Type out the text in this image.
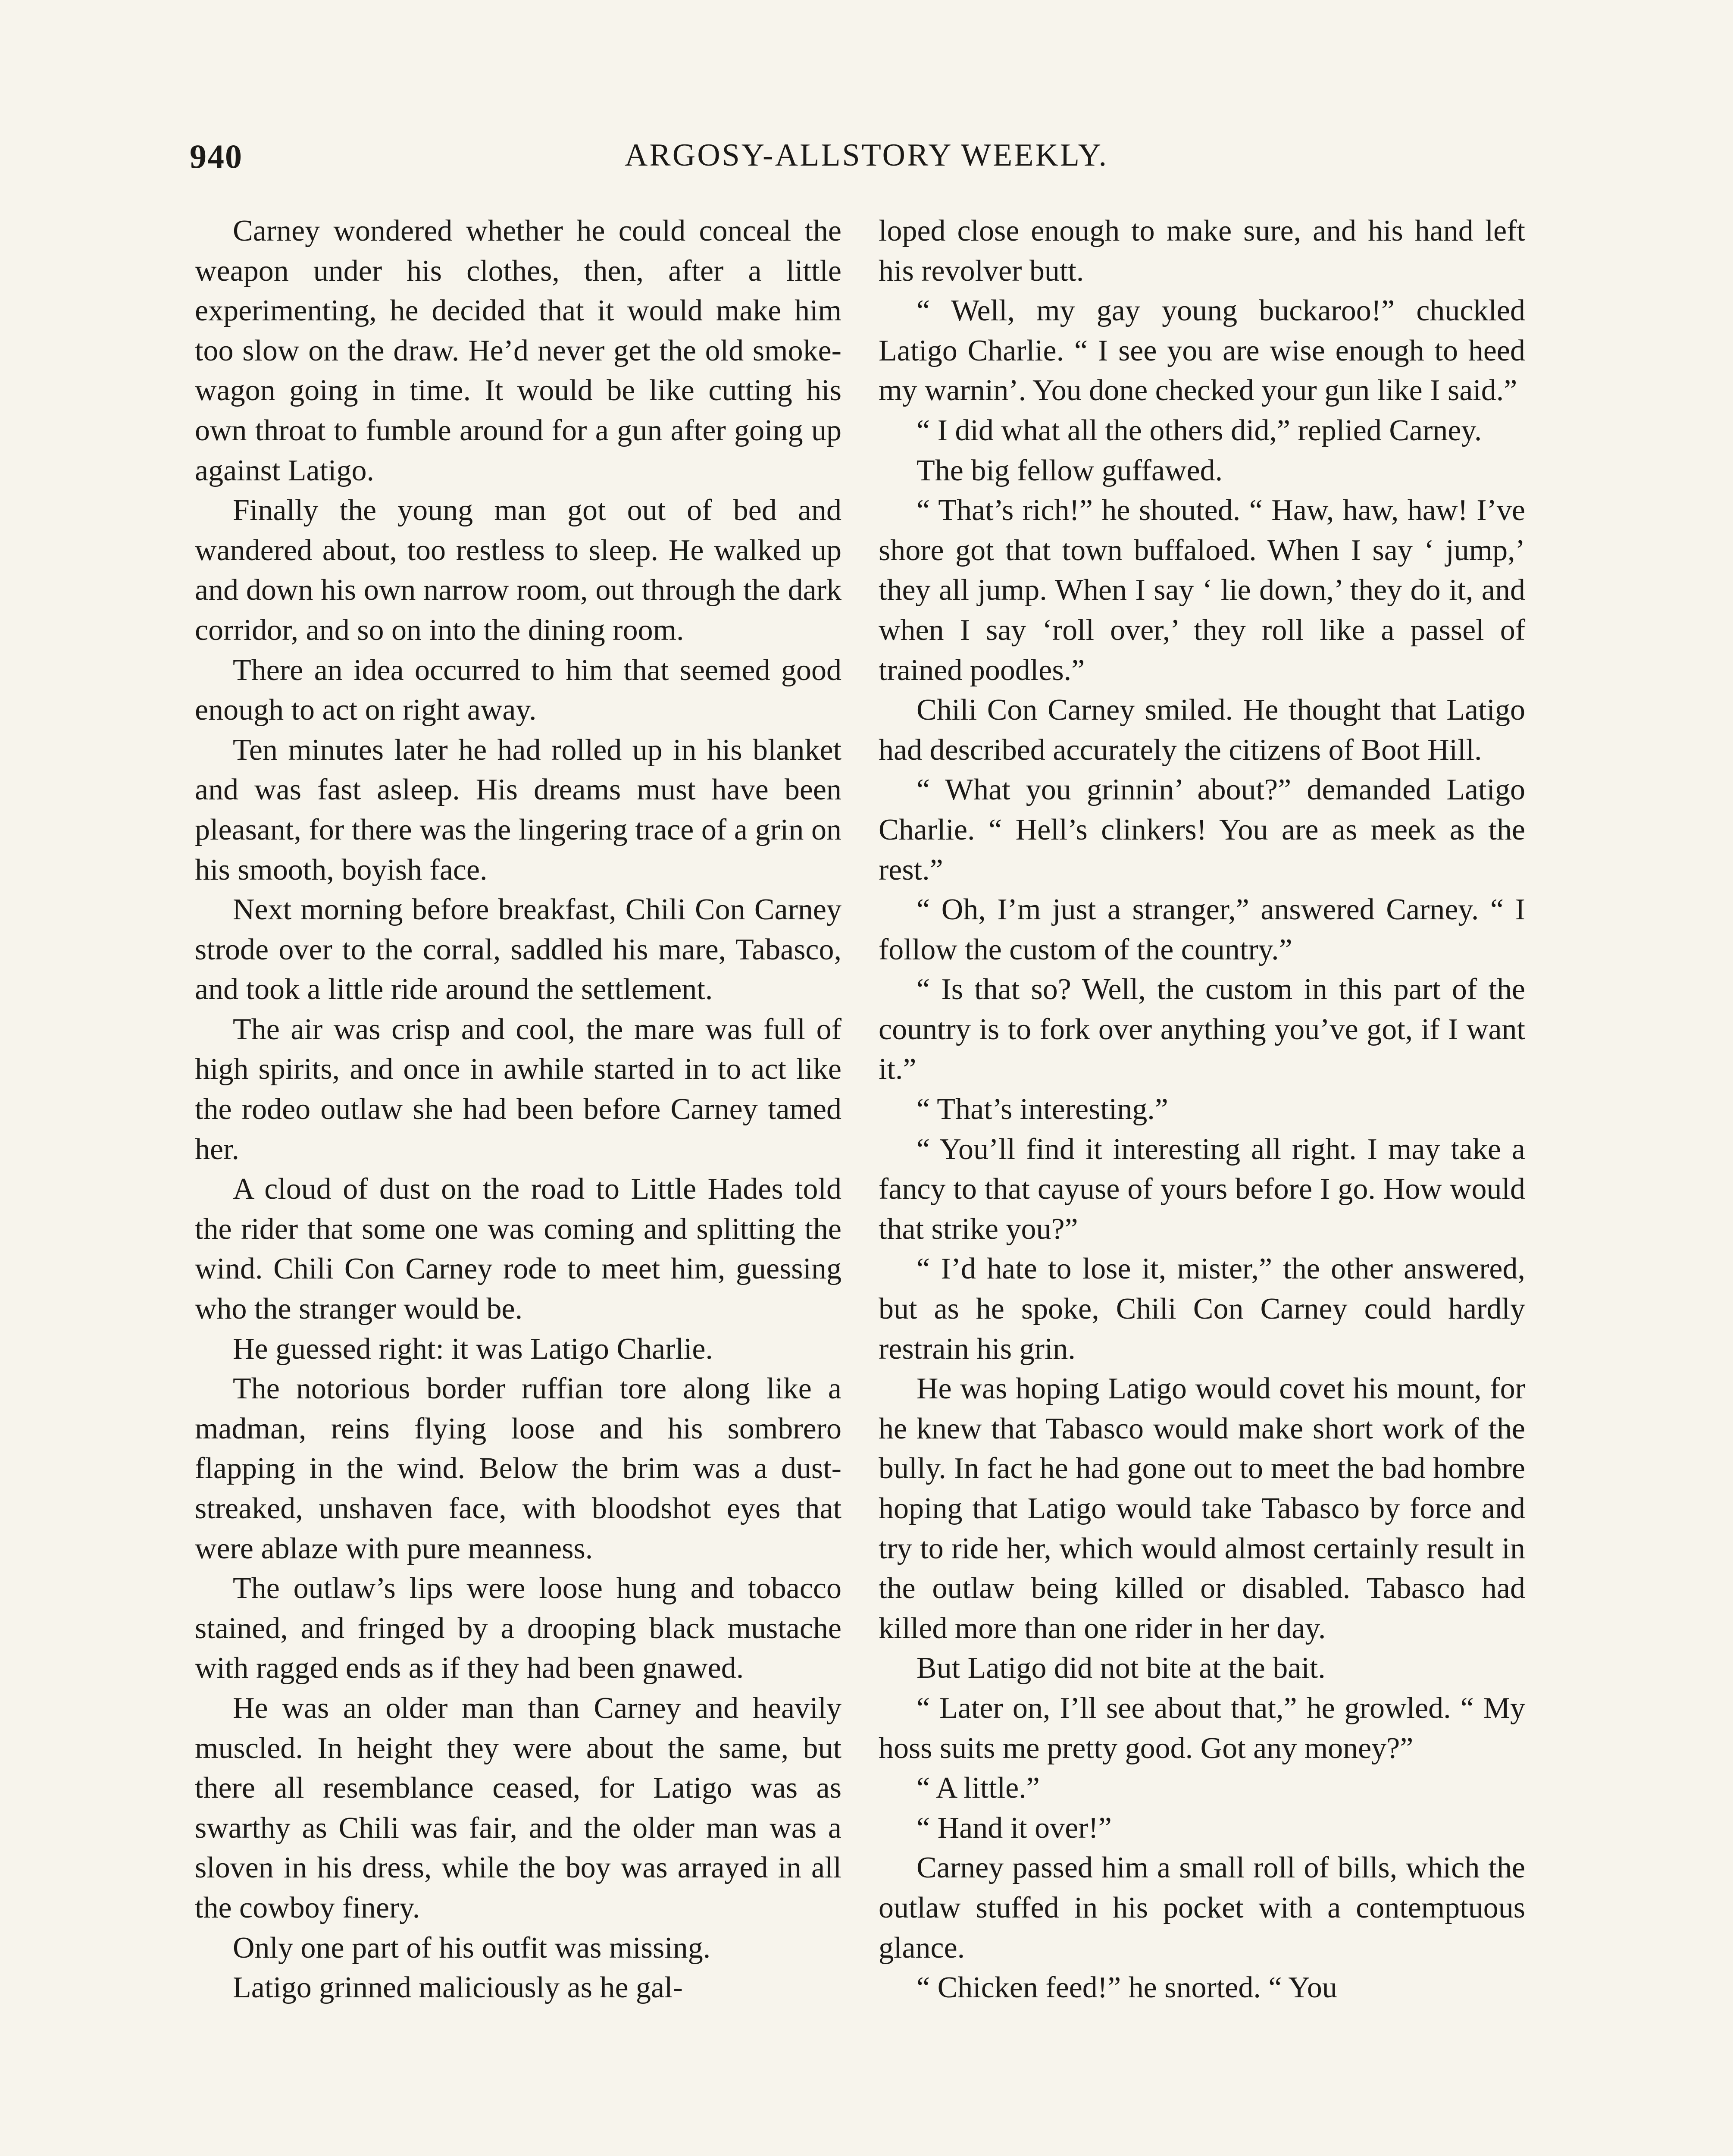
940	ARGOSY-ALLSTORY WEEKLY.

Carney wondered whether he could conceal the weapon under his clothes, then, after a little experimenting, he decided that it would make him too slow on the draw. He’d never get the old smoke-wagon going in time. It would be like cutting his own throat to fumble around for a gun after going up against Latigo.

Finally the young man got out of bed and wandered about, too restless to sleep. He walked up and down his own narrow room, out through the dark corridor, and so on into the dining room.

There an idea occurred to him that seemed good enough to act on right away.

Ten minutes later he had rolled up in his blanket and was fast asleep. His dreams must have been pleasant, for there was the lingering trace of a grin on his smooth, boyish face.

Next morning before breakfast, Chili Con Carney strode over to the corral, saddled his mare, Tabasco, and took a little ride around the settlement.

The air was crisp and cool, the mare was full of high spirits, and once in awhile started in to act like the rodeo outlaw she had been before Carney tamed her.

A cloud of dust on the road to Little Hades told the rider that some one was coming and splitting the wind. Chili Con Carney rode to meet him, guessing who the stranger would be.

He guessed right: it was Latigo Charlie.

The notorious border ruffian tore along like a madman, reins flying loose and his sombrero flapping in the wind. Below the brim was a dust-streaked, unshaven face, with bloodshot eyes that were ablaze with pure meanness.

The outlaw’s lips were loose hung and tobacco stained, and fringed by a drooping black mustache with ragged ends as if they had been gnawed.

He was an older man than Carney and heavily muscled. In height they were about the same, but there all resemblance ceased, for Latigo was as swarthy as Chili was fair, and the older man was a sloven in his dress, while the boy was arrayed in all the cowboy finery.

Only one part of his outfit was missing.

Latigo grinned maliciously as he gal-

loped close enough to make sure, and his hand left his revolver butt.

“ Well, my gay young buckaroo!” chuckled Latigo Charlie. “ I see you are wise enough to heed my warnin’. You done checked your gun like I said.”

“ I did what all the others did,” replied Carney.

The big fellow guffawed.

“ That’s rich!” he shouted. “ Haw, haw, haw! I’ve shore got that town buffaloed. When I say ‘ jump,’ they all jump. When I say ‘ lie down,’ they do it, and when I say ‘roll over,’ they roll like a passel of trained poodles.”

Chili Con Carney smiled. He thought that Latigo had described accurately the citizens of Boot Hill.

“ What you grinnin’ about?” demanded Latigo Charlie. “ Hell’s clinkers! You are as meek as the rest.”

“ Oh, I’m just a stranger,” answered Carney. “ I follow the custom of the country.”

“ Is that so? Well, the custom in this part of the country is to fork over anything you’ve got, if I want it.”

“ That’s interesting.”

“ You’ll find it interesting all right. I may take a fancy to that cayuse of yours before I go. How would that strike you?”

“ I’d hate to lose it, mister,” the other answered, but as he spoke, Chili Con Carney could hardly restrain his grin.

He was hoping Latigo would covet his mount, for he knew that Tabasco would make short work of the bully. In fact he had gone out to meet the bad hombre hoping that Latigo would take Tabasco by force and try to ride her, which would almost certainly result in the outlaw being killed or disabled. Tabasco had killed more than one rider in her day.

But Latigo did not bite at the bait.

“ Later on, I’ll see about that,” he growled. “ My hoss suits me pretty good. Got any money?”

“ A little.”

“ Hand it over!”

Carney passed him a small roll of bills, which the outlaw stuffed in his pocket with a contemptuous glance.

“ Chicken feed!” he snorted. “ You
